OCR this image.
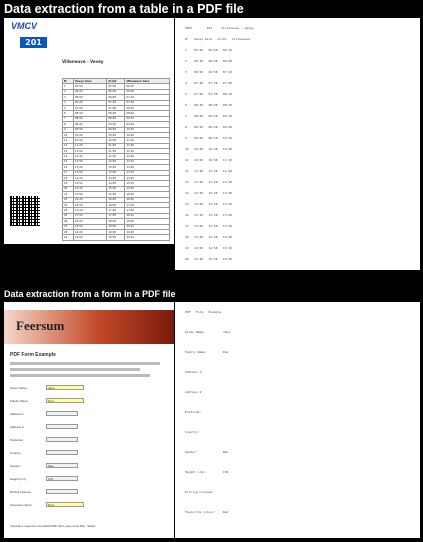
Data extraction from a table in a PDF file
Data extraction from a form in a PDF file
VMCV
201
Villeneuve - Vevey
N°	Vevey Gare	Arrêt	Villeneuve Gare
1	05:50	05:58	06:10
2	06:20	06:28	06:40
3	06:50	06:58	07:10
4	07:20	07:28	07:40
5	07:50	07:58	08:10
6	08:20	08:28	08:40
7	08:50	08:58	09:10
8	09:20	09:28	09:40
9	09:50	09:58	10:10
10	10:20	10:28	10:40
11	10:50	10:58	11:10
12	11:20	11:28	11:40
13	11:50	11:58	12:10
14	12:20	12:28	12:40
15	12:50	12:58	13:10
16	13:20	13:28	13:40
17	13:50	13:58	14:10
18	14:20	14:28	14:40
19	14:50	14:58	15:10
20	15:20	15:28	15:40
21	15:50	15:58	16:10
22	16:20	16:28	16:40
23	16:50	16:58	17:10
24	17:20	17:28	17:40
25	17:50	17:58	18:10
26	18:20	18:28	18:40
27	18:50	18:58	19:10
28	19:20	19:28	19:40
29	19:50	19:58	20:10
VMCV        201     Villeneuve - Vevey
N°   Vevey Gare   Arrêt   Villeneuve
1    05:50   05:58   06:10
2    06:20   06:28   06:40
3    06:50   06:58   07:10
4    07:20   07:28   07:40
5    07:50   07:58   08:10
6    08:20   08:28   08:40
7    08:50   08:58   09:10
8    09:20   09:28   09:40
9    09:50   09:58   10:10
10   10:20   10:28   10:40
11   10:50   10:58   11:10
12   11:20   11:28   11:40
13   11:50   11:58   12:10
14   12:20   12:28   12:40
15   12:50   12:58   13:10
16   13:20   13:28   13:40
17   13:50   13:58   14:10
18   14:20   14:28   14:40
19   14:50   14:58   15:10
20   15:20   15:28   15:40
Feersum
PDF Form Example
Given Name:	Jane
Family Name:	Doe
Address 1:
Address 2:
Postcode:
Country:
Gender:	Man
Height (cm):	150
Driving License:
Favourite colour:	Red
Important: save the completed PDF form (use menu File - Save).
PDF   Form   Example
Given Name:          Jane
Family Name:         Doe
Address 1:
Address 2:
Postcode:
Country:
Gender:              Man
Height (cm):         150
Driving License:
Favourite colour:    Red
